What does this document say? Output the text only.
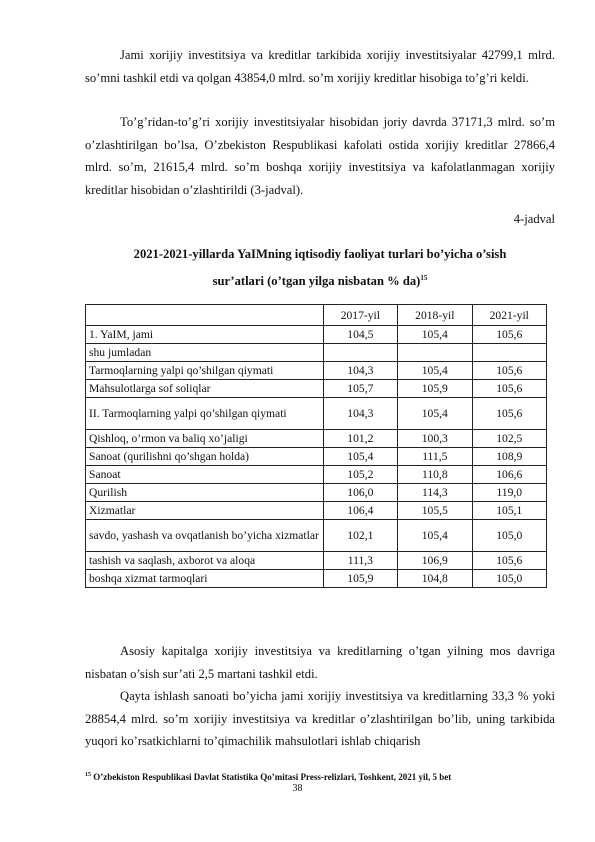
Jami xorijiy investitsiya va kreditlar tarkibida xorijiy investitsiyalar 42799,1 mlrd. so’mni tashkil etdi va qolgan 43854,0 mlrd. so’m xorijiy kreditlar hisobiga to’g’ri keldi.

To’g’ridan-to’g’ri xorijiy investitsiyalar hisobidan joriy davrda 37171,3 mlrd. so’m o’zlashtirilgan bo’lsa, O’zbekiston Respublikasi kafolati ostida xorijiy kreditlar 27866,4 mlrd. so’m, 21615,4 mlrd. so’m boshqa xorijiy investitsiya va kafolatlanmagan xorijiy kreditlar hisobidan o’zlashtirildi (3-jadval).

4-jadval
2021-2021-yillarda YaIMning iqtisodiy faoliyat turlari bo’yicha o’sish
sur’atlari (o’tgan yilga nisbatan % da)$^{15}$
	2017-yil	2018-yil	2021-yil
1. YaIM, jami	104,5	105,4	105,6
shu jumladan			
Tarmoqlarning yalpi qo’shilgan qiymati	104,3	105,4	105,6
Mahsulotlarga sof soliqlar	105,7	105,9	105,6
II. Tarmoqlarning yalpi qo’shilgan qiymati	104,3	105,4	105,6
Qishloq, o’rmon va baliq xo’jaligi	101,2	100,3	102,5
Sanoat (qurilishni qo’shgan holda)	105,4	111,5	108,9
Sanoat	105,2	110,8	106,6
Qurilish	106,0	114,3	119,0
Xizmatlar	106,4	105,5	105,1
savdo, yashash va ovqatlanish bo’yicha xizmatlar	102,1	105,4	105,0
tashish va saqlash, axborot va aloqa	111,3	106,9	105,6
boshqa xizmat tarmoqlari	105,9	104,8	105,0

Asosiy kapitalga xorijiy investitsiya va kreditlarning o’tgan yilning mos davriga nisbatan o’sish sur’ati 2,5 martani tashkil etdi.

Qayta ishlash sanoati bo’yicha jami xorijiy investitsiya va kreditlarning 33,3 % yoki 28854,4 mlrd. so’m xorijiy investitsiya va kreditlar o’zlashtirilgan bo’lib, uning tarkibida yuqori ko’rsatkichlarni to’qimachilik mahsulotlari ishlab chiqarish

$^{15}$ O’zbekiston Respublikasi Davlat Statistika Qo’mitasi Press-relizlari, Toshkent, 2021 yil, 5 bet
38
